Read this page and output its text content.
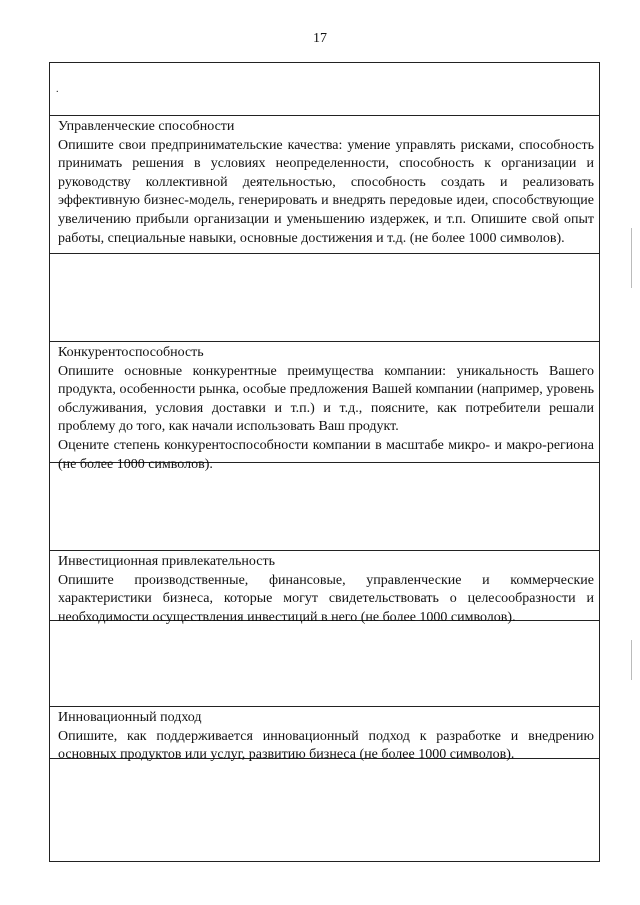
17
.
Управленческие способности

Опишите свои предпринимательские качества: умение управлять рисками, способность принимать решения в условиях неопределенности, способность к организации и руководству коллективной деятельностью, способность создать и реализовать эффективную бизнес-модель, генерировать и внедрять передовые идеи, способствующие увеличению прибыли организации и уменьшению издержек, и т.п. Опишите свой опыт работы, специальные навыки, основные достижения и т.д. (не более 1000 символов).

Конкурентоспособность

Опишите основные конкурентные преимущества компании: уникальность Вашего продукта, особенности рынка, особые предложения Вашей компании (например, уровень обслуживания, условия доставки и т.п.) и т.д., поясните, как потребители решали проблему до того, как начали использовать Ваш продукт.

Оцените степень конкурентоспособности компании в масштабе микро- и макро-региона (не более 1000 символов).

Инвестиционная привлекательность

Опишите производственные, финансовые, управленческие и коммерческие характеристики бизнеса, которые могут свидетельствовать о целесообразности и необходимости осуществления инвестиций в него (не более 1000 символов).

Инновационный подход

Опишите, как поддерживается инновационный подход к разработке и внедрению основных продуктов или услуг, развитию бизнеса (не более 1000 символов).
